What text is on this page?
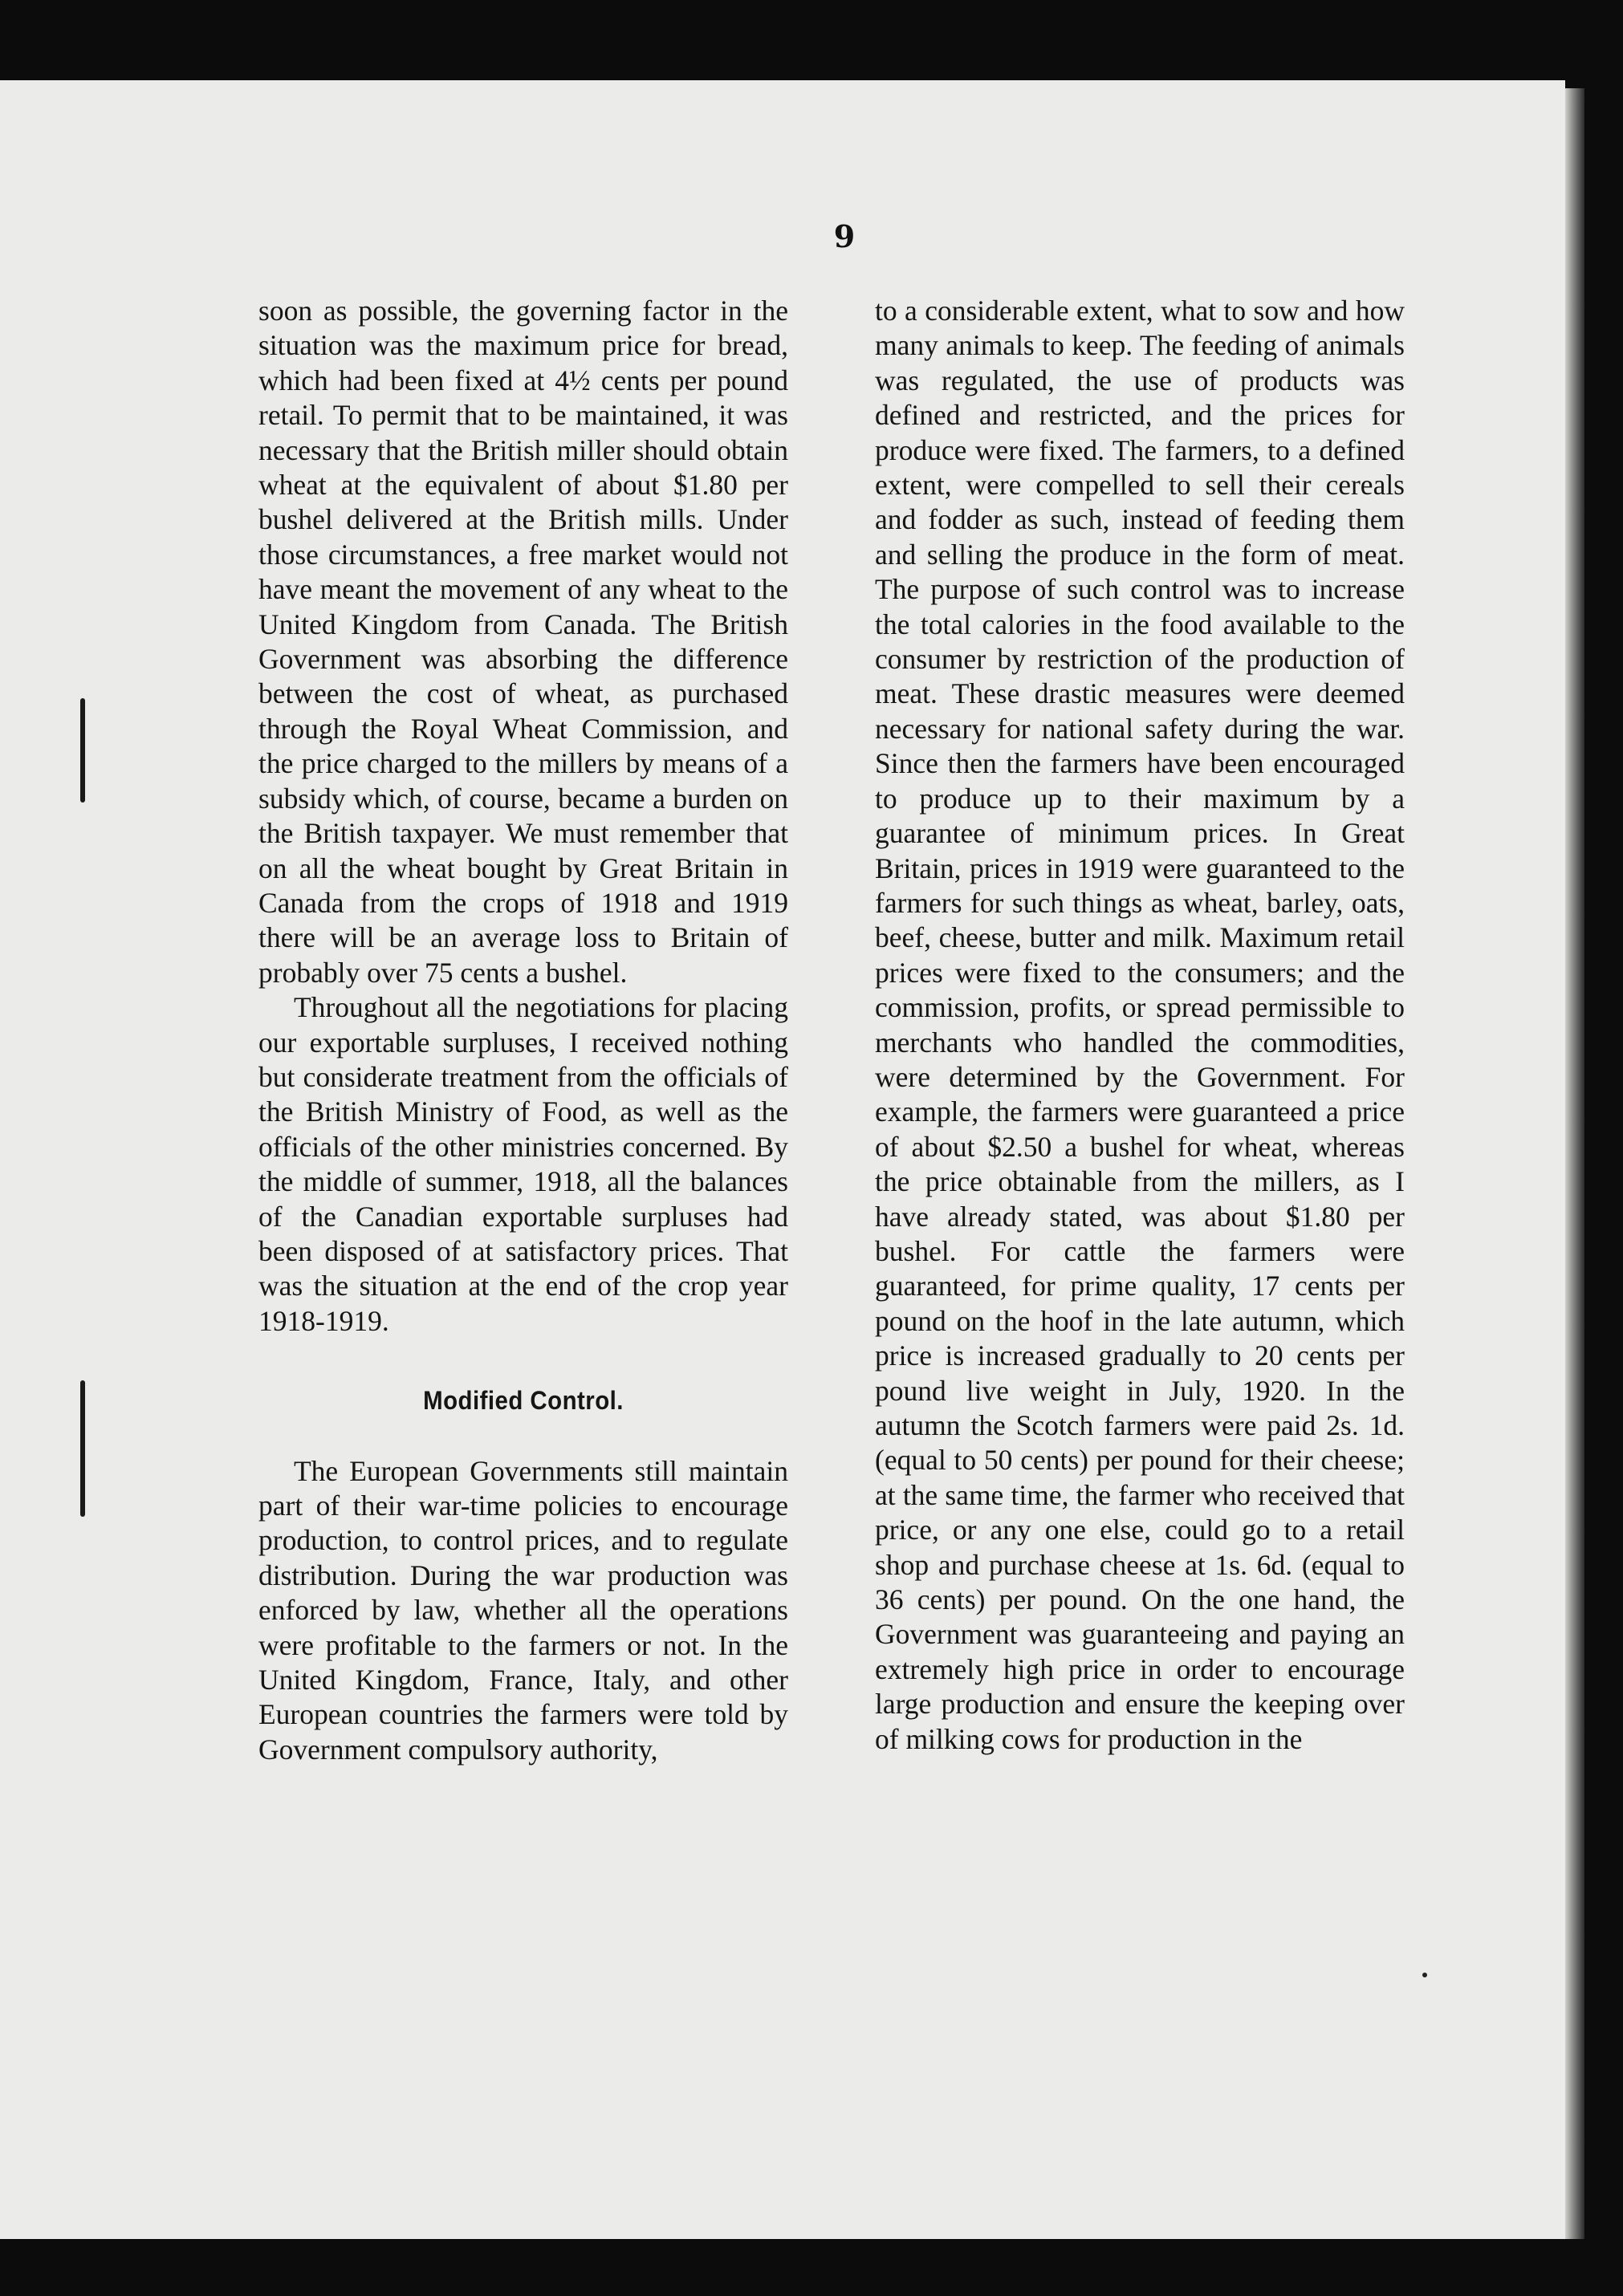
9

soon as possible, the governing factor in the situation was the maximum price for bread, which had been fixed at 4½ cents per pound retail. To permit that to be maintained, it was necessary that the British miller should obtain wheat at the equivalent of about $1.80 per bushel delivered at the British mills. Under those circumstances, a free market would not have meant the movement of any wheat to the United Kingdom from Canada. The British Government was absorbing the difference between the cost of wheat, as purchased through the Royal Wheat Commission, and the price charged to the millers by means of a subsidy which, of course, became a burden on the British taxpayer. We must remember that on all the wheat bought by Great Britain in Canada from the crops of 1918 and 1919 there will be an average loss to Britain of probably over 75 cents a bushel.

Throughout all the negotiations for placing our exportable surpluses, I received nothing but considerate treatment from the officials of the British Ministry of Food, as well as the officials of the other ministries concerned. By the middle of summer, 1918, all the balances of the Canadian exportable surpluses had been disposed of at satisfactory prices. That was the situation at the end of the crop year 1918-1919.

Modified Control.

The European Governments still maintain part of their war-time policies to encourage production, to control prices, and to regulate distribution. During the war production was enforced by law, whether all the operations were profitable to the farmers or not. In the United Kingdom, France, Italy, and other European countries the farmers were told by Government compulsory authority,

to a considerable extent, what to sow and how many animals to keep. The feeding of animals was regulated, the use of products was defined and restricted, and the prices for produce were fixed. The farmers, to a defined extent, were compelled to sell their cereals and fodder as such, instead of feeding them and selling the produce in the form of meat. The purpose of such control was to increase the total calories in the food available to the consumer by restriction of the production of meat. These drastic measures were deemed necessary for national safety during the war. Since then the farmers have been encouraged to produce up to their maximum by a guarantee of minimum prices. In Great Britain, prices in 1919 were guaranteed to the farmers for such things as wheat, barley, oats, beef, cheese, butter and milk. Maximum retail prices were fixed to the consumers; and the commission, profits, or spread permissible to merchants who handled the commodities, were determined by the Government. For example, the farmers were guaranteed a price of about $2.50 a bushel for wheat, whereas the price obtainable from the millers, as I have already stated, was about $1.80 per bushel. For cattle the farmers were guaranteed, for prime quality, 17 cents per pound on the hoof in the late autumn, which price is increased gradually to 20 cents per pound live weight in July, 1920. In the autumn the Scotch farmers were paid 2s. 1d. (equal to 50 cents) per pound for their cheese; at the same time, the farmer who received that price, or any one else, could go to a retail shop and purchase cheese at 1s. 6d. (equal to 36 cents) per pound. On the one hand, the Government was guaranteeing and paying an extremely high price in order to encourage large production and ensure the keeping over of milking cows for production in the
